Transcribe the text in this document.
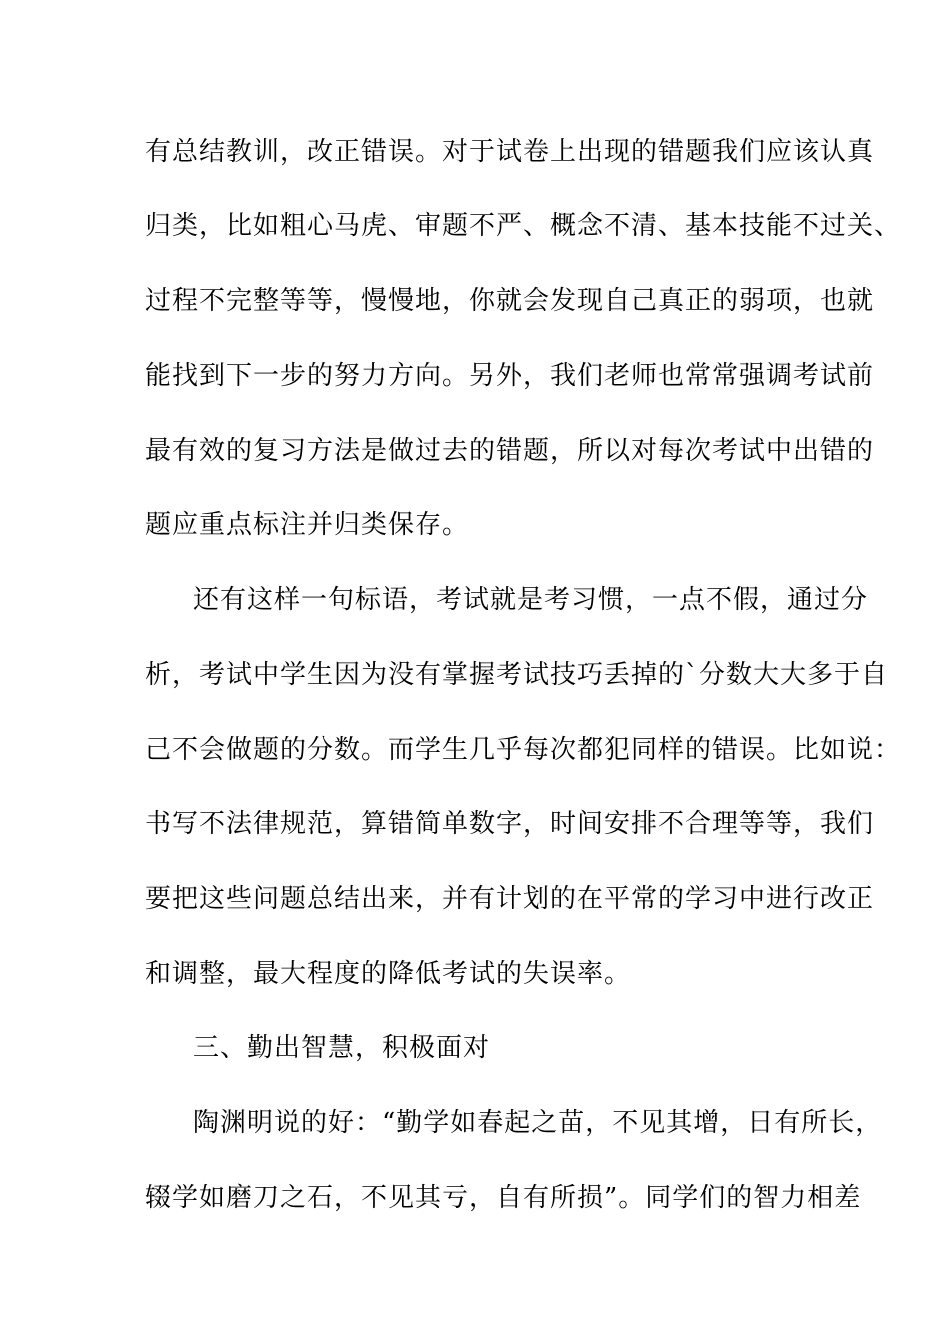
有总结教训，改正错误。对于试卷上出现的错题我们应该认真

归类，比如粗心马虎、审题不严、概念不清、基本技能不过关、

过程不完整等等，慢慢地，你就会发现自己真正的弱项，也就

能找到下一步的努力方向。另外，我们老师也常常强调考试前

最有效的复习方法是做过去的错题，所以对每次考试中出错的

题应重点标注并归类保存。

还有这样一句标语，考试就是考习惯，一点不假，通过分

析，考试中学生因为没有掌握考试技巧丢掉的`分数大大多于自

己不会做题的分数。而学生几乎每次都犯同样的错误。比如说：

书写不法律规范，算错简单数字，时间安排不合理等等，我们

要把这些问题总结出来，并有计划的在平常的学习中进行改正

和调整，最大程度的降低考试的失误率。

三、勤出智慧，积极面对

陶渊明说的好：“勤学如春起之苗，不见其增，日有所长，

辍学如磨刀之石，不见其亏，自有所损”。同学们的智力相差
